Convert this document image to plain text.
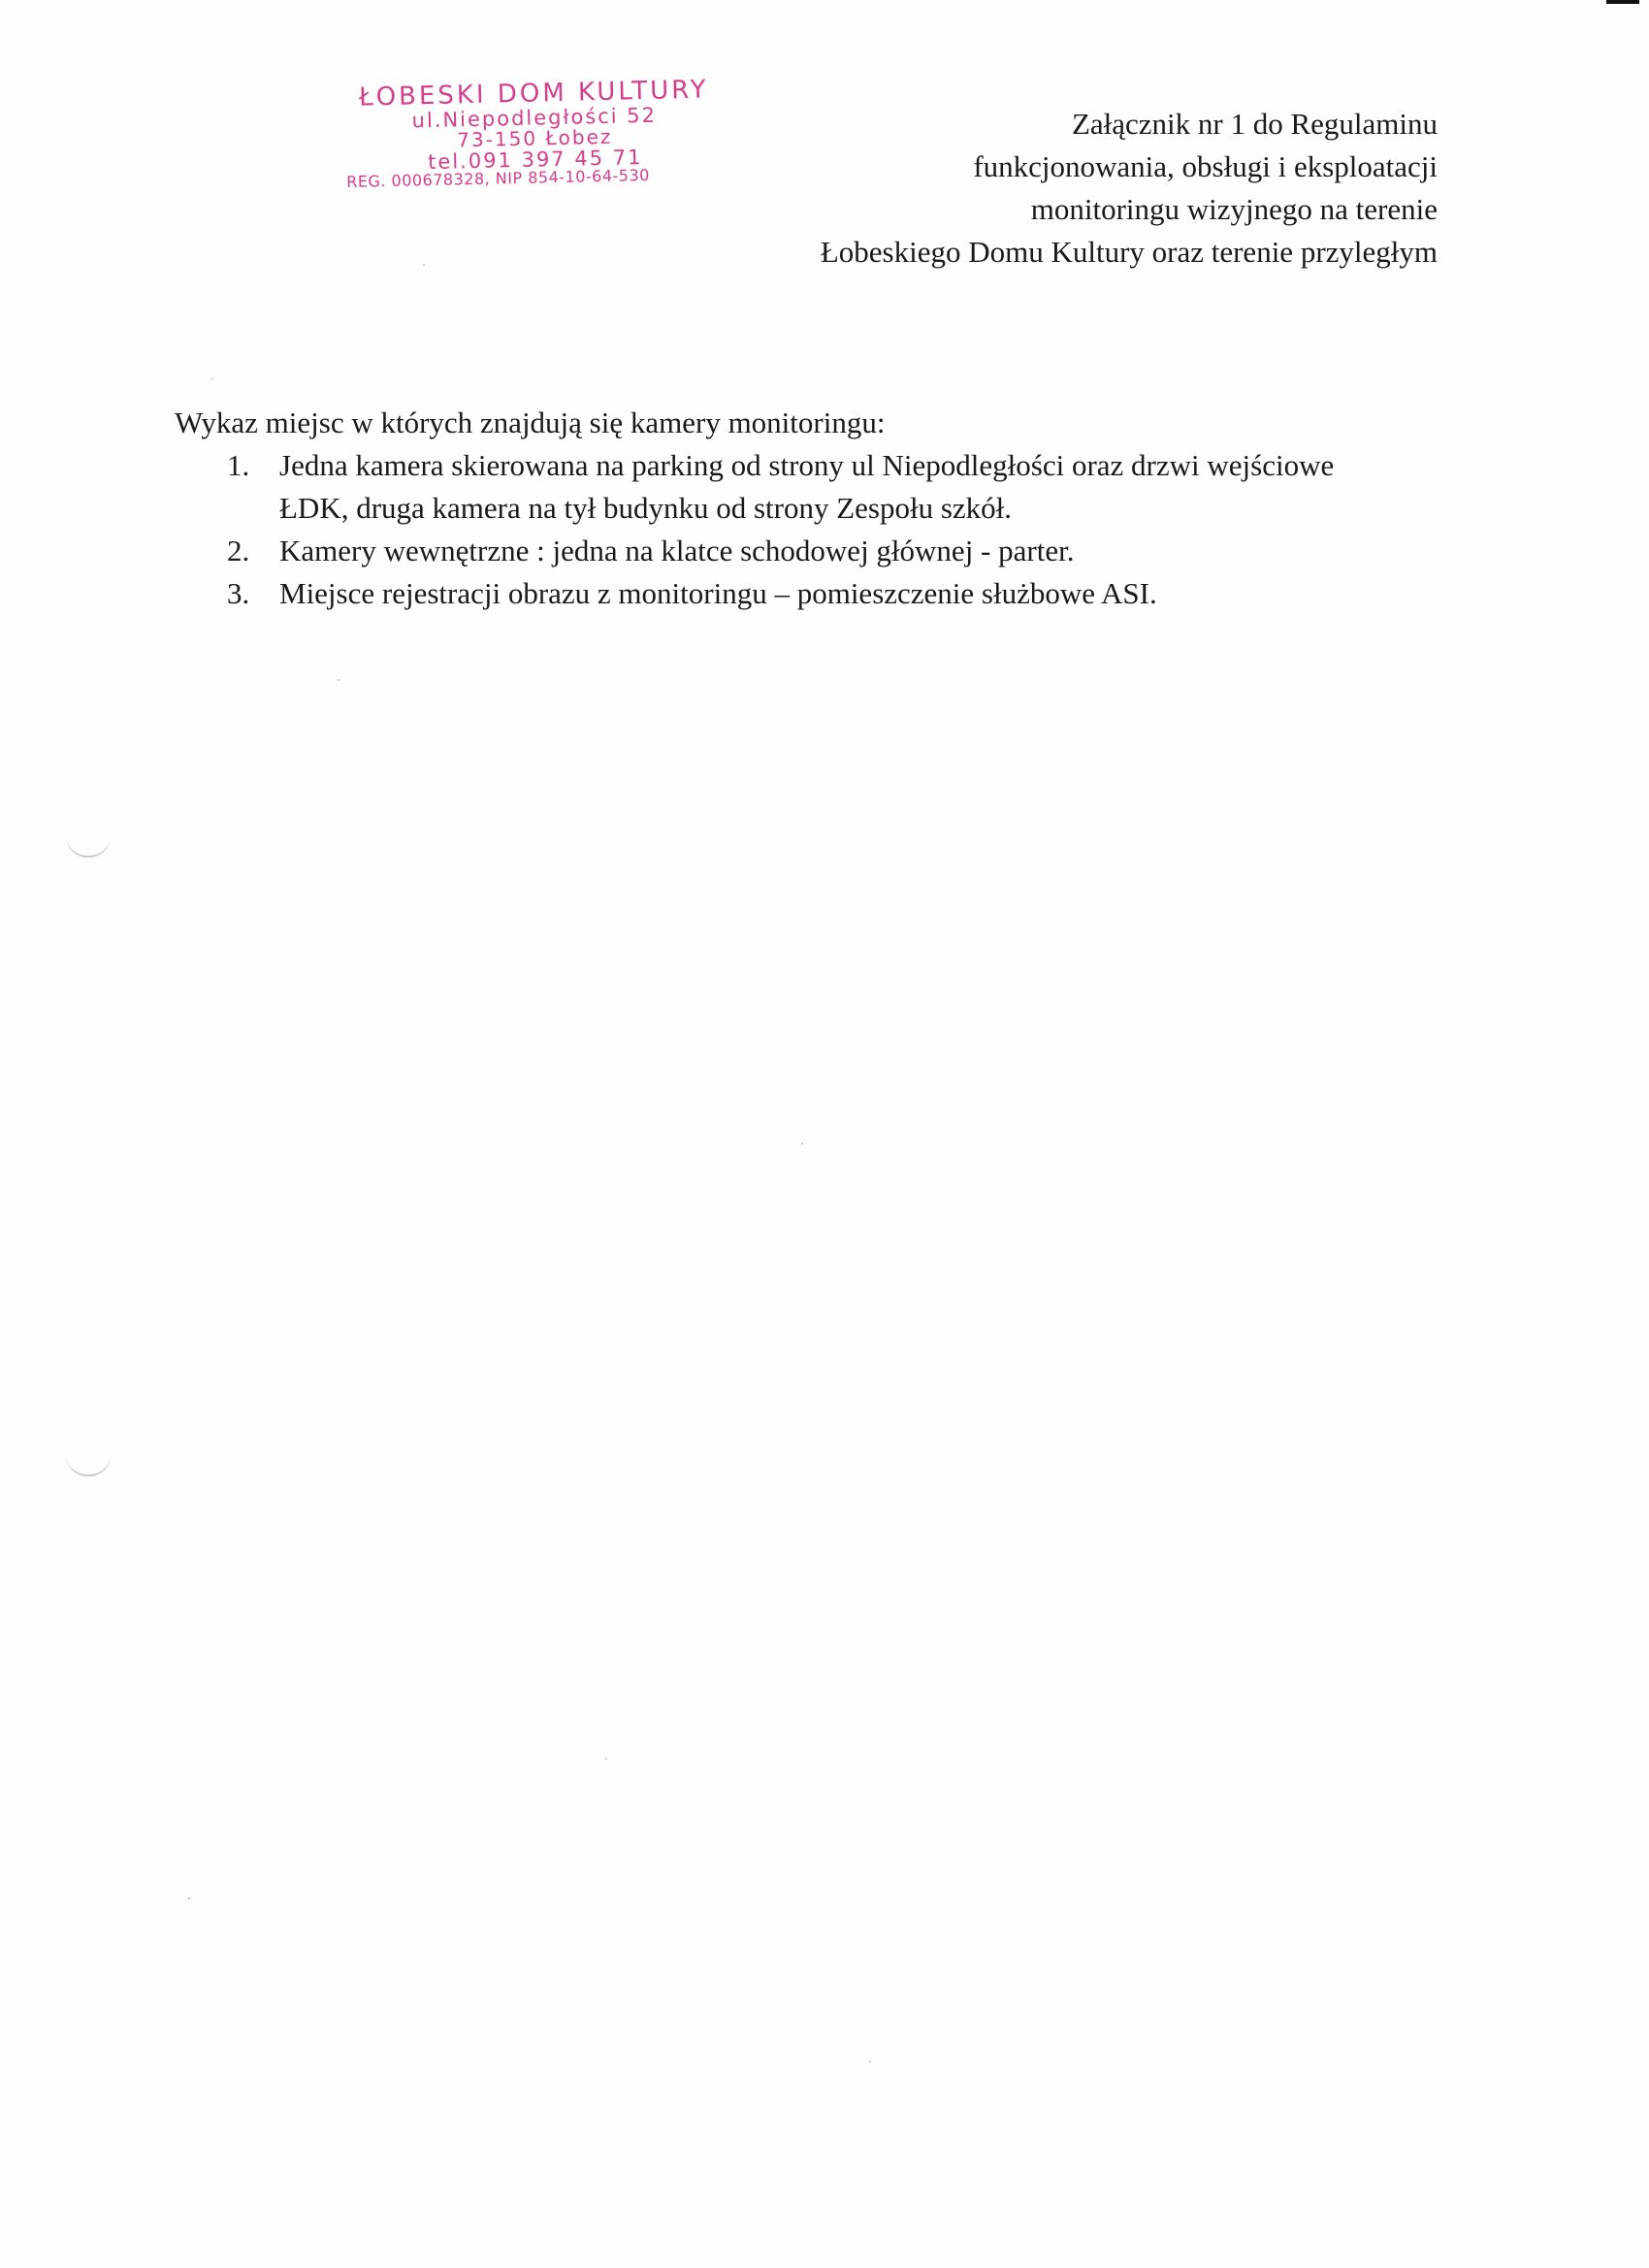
ŁOBESKI DOM KULTURY
ul.Niepodległości 52
73-150 Łobez
tel.091 397 45 71
REG. 000678328, NIP 854-10-64-530
Załącznik nr 1 do Regulaminu
funkcjonowania, obsługi i eksploatacji
monitoringu wizyjnego na terenie
Łobeskiego Domu Kultury oraz terenie przyległym
Wykaz miejsc w których znajdują się kamery monitoringu:
1. Jedna kamera skierowana na parking od strony ul Niepodległości oraz drzwi wejściowe
ŁDK, druga kamera na tył budynku od strony Zespołu szkół.
2. Kamery wewnętrzne : jedna na klatce schodowej głównej - parter.
3. Miejsce rejestracji obrazu z monitoringu – pomieszczenie służbowe ASI.
